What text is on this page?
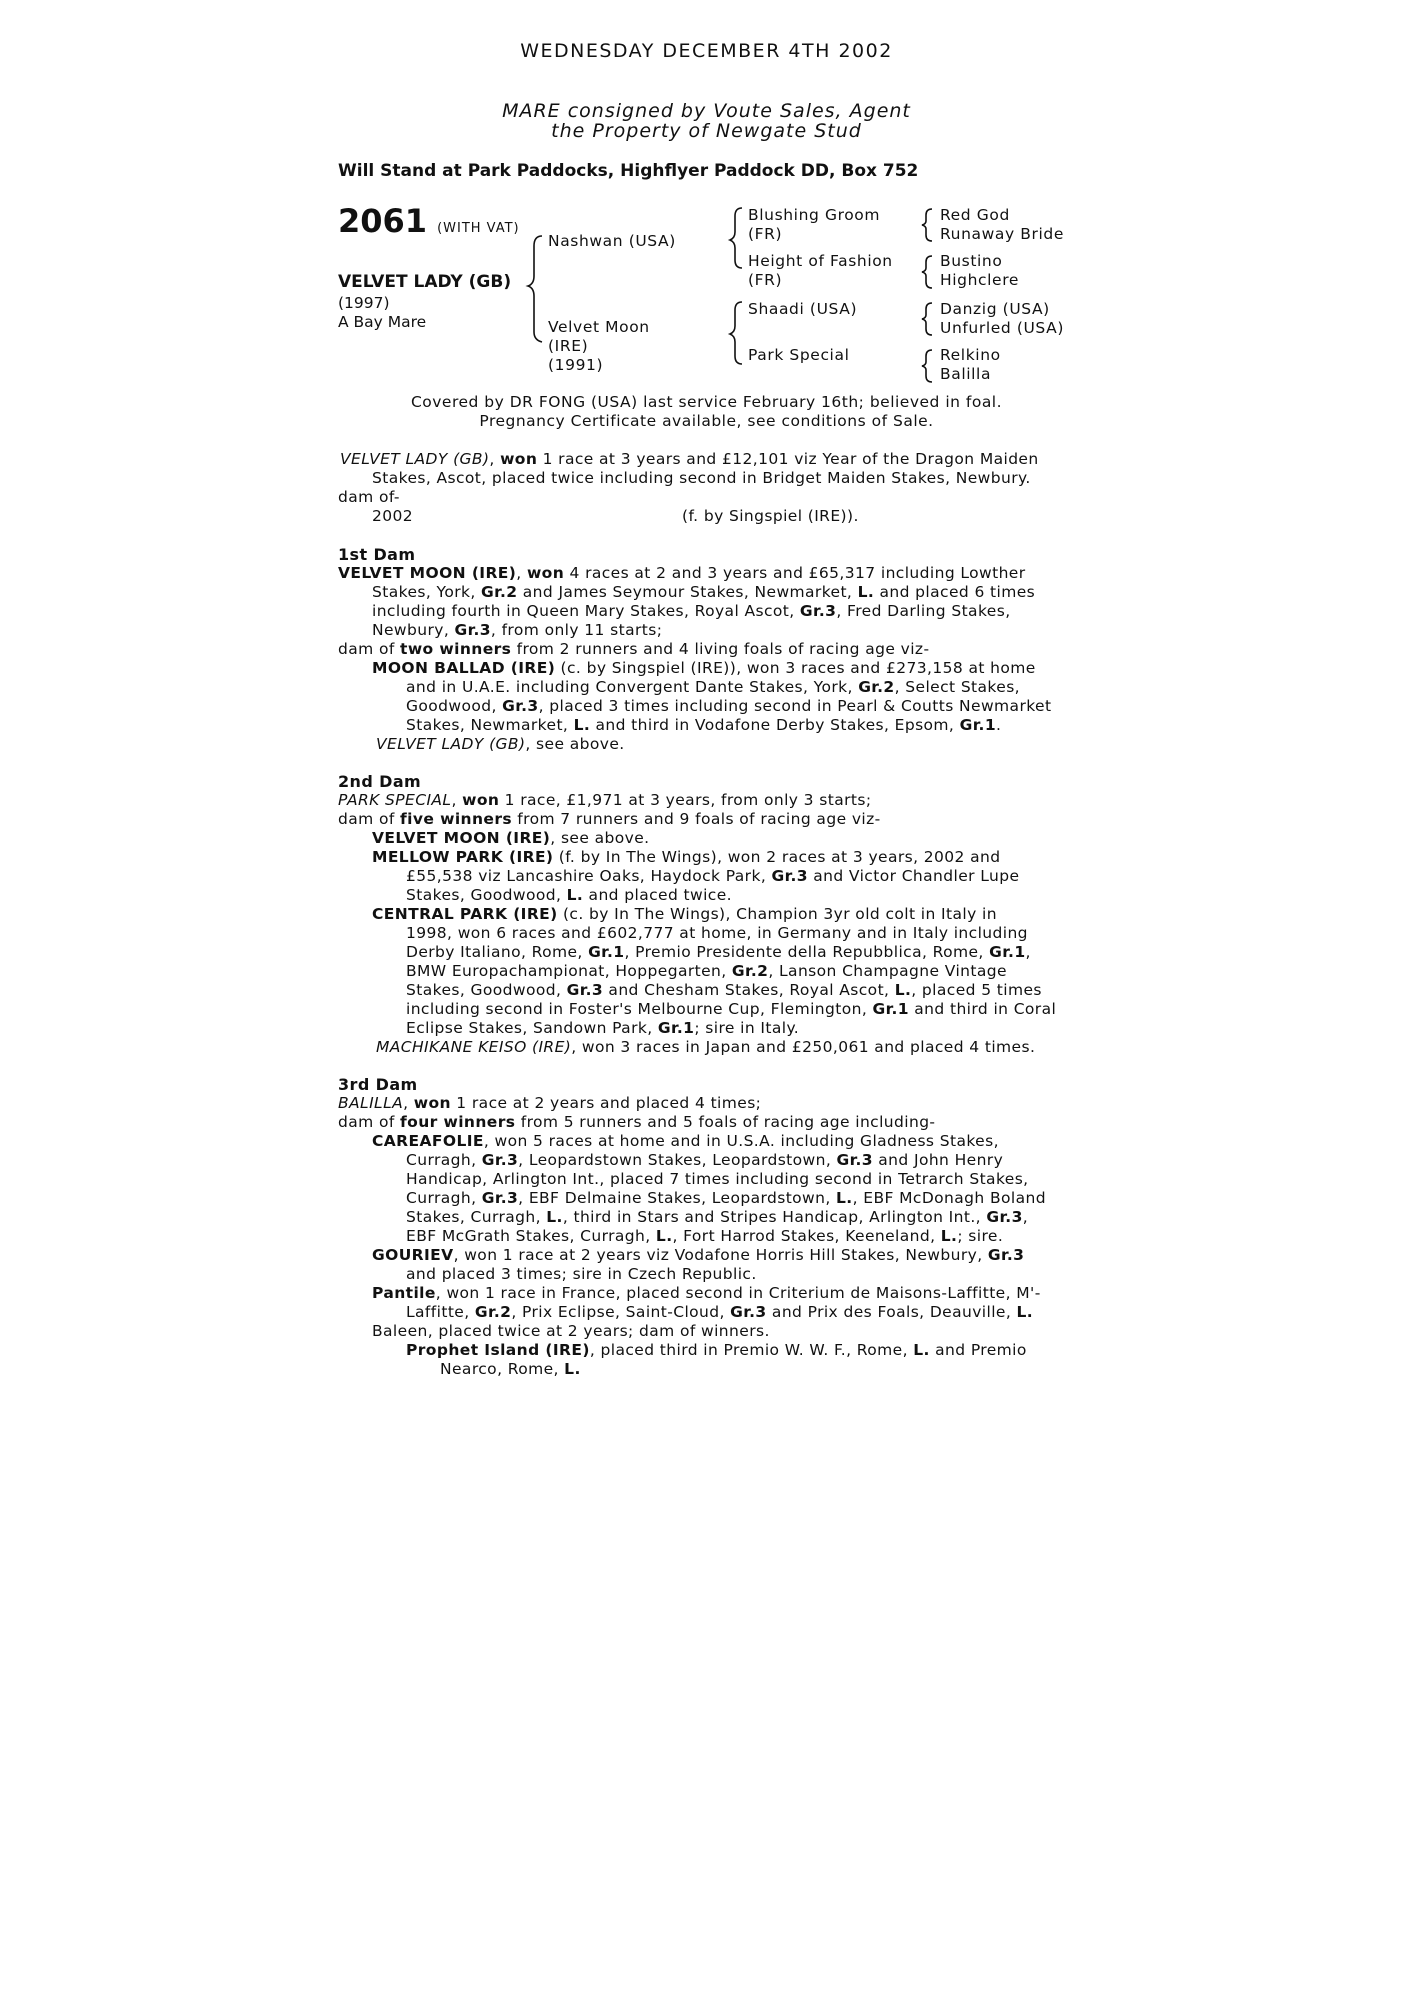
WEDNESDAY DECEMBER 4TH 2002
MARE consigned by Voute Sales, Agent
the Property of Newgate Stud
Will Stand at Park Paddocks, Highflyer Paddock DD, Box 752
2061 (WITH VAT)
VELVET LADY (GB)
(1997)
A Bay Mare
Nashwan (USA)
Velvet Moon
(IRE)
(1991)
Blushing Groom
(FR)
Height of Fashion
(FR)
Shaadi (USA)
Park Special
Red God
Runaway Bride
Bustino
Highclere
Danzig (USA)
Unfurled (USA)
Relkino
Balilla
Covered by DR FONG (USA) last service February 16th; believed in foal.
Pregnancy Certificate available, see conditions of Sale.
VELVET LADY (GB), won 1 race at 3 years and £12,101 viz Year of the Dragon Maiden
Stakes, Ascot, placed twice including second in Bridget Maiden Stakes, Newbury.
dam of-
2002	(f. by Singspiel (IRE)).
1st Dam
VELVET MOON (IRE), won 4 races at 2 and 3 years and £65,317 including Lowther
Stakes, York, Gr.2 and James Seymour Stakes, Newmarket, L. and placed 6 times
including fourth in Queen Mary Stakes, Royal Ascot, Gr.3, Fred Darling Stakes,
Newbury, Gr.3, from only 11 starts;
dam of two winners from 2 runners and 4 living foals of racing age viz-
MOON BALLAD (IRE) (c. by Singspiel (IRE)), won 3 races and £273,158 at home
and in U.A.E. including Convergent Dante Stakes, York, Gr.2, Select Stakes,
Goodwood, Gr.3, placed 3 times including second in Pearl & Coutts Newmarket
Stakes, Newmarket, L. and third in Vodafone Derby Stakes, Epsom, Gr.1.
VELVET LADY (GB), see above.
2nd Dam
PARK SPECIAL, won 1 race, £1,971 at 3 years, from only 3 starts;
dam of five winners from 7 runners and 9 foals of racing age viz-
VELVET MOON (IRE), see above.
MELLOW PARK (IRE) (f. by In The Wings), won 2 races at 3 years, 2002 and
£55,538 viz Lancashire Oaks, Haydock Park, Gr.3 and Victor Chandler Lupe
Stakes, Goodwood, L. and placed twice.
CENTRAL PARK (IRE) (c. by In The Wings), Champion 3yr old colt in Italy in
1998, won 6 races and £602,777 at home, in Germany and in Italy including
Derby Italiano, Rome, Gr.1, Premio Presidente della Repubblica, Rome, Gr.1,
BMW Europachampionat, Hoppegarten, Gr.2, Lanson Champagne Vintage
Stakes, Goodwood, Gr.3 and Chesham Stakes, Royal Ascot, L., placed 5 times
including second in Foster's Melbourne Cup, Flemington, Gr.1 and third in Coral
Eclipse Stakes, Sandown Park, Gr.1; sire in Italy.
MACHIKANE KEISO (IRE), won 3 races in Japan and £250,061 and placed 4 times.
3rd Dam
BALILLA, won 1 race at 2 years and placed 4 times;
dam of four winners from 5 runners and 5 foals of racing age including-
CAREAFOLIE, won 5 races at home and in U.S.A. including Gladness Stakes,
Curragh, Gr.3, Leopardstown Stakes, Leopardstown, Gr.3 and John Henry
Handicap, Arlington Int., placed 7 times including second in Tetrarch Stakes,
Curragh, Gr.3, EBF Delmaine Stakes, Leopardstown, L., EBF McDonagh Boland
Stakes, Curragh, L., third in Stars and Stripes Handicap, Arlington Int., Gr.3,
EBF McGrath Stakes, Curragh, L., Fort Harrod Stakes, Keeneland, L.; sire.
GOURIEV, won 1 race at 2 years viz Vodafone Horris Hill Stakes, Newbury, Gr.3
and placed 3 times; sire in Czech Republic.
Pantile, won 1 race in France, placed second in Criterium de Maisons-Laffitte, M'-
Laffitte, Gr.2, Prix Eclipse, Saint-Cloud, Gr.3 and Prix des Foals, Deauville, L.
Baleen, placed twice at 2 years; dam of winners.
Prophet Island (IRE), placed third in Premio W. W. F., Rome, L. and Premio
Nearco, Rome, L.
